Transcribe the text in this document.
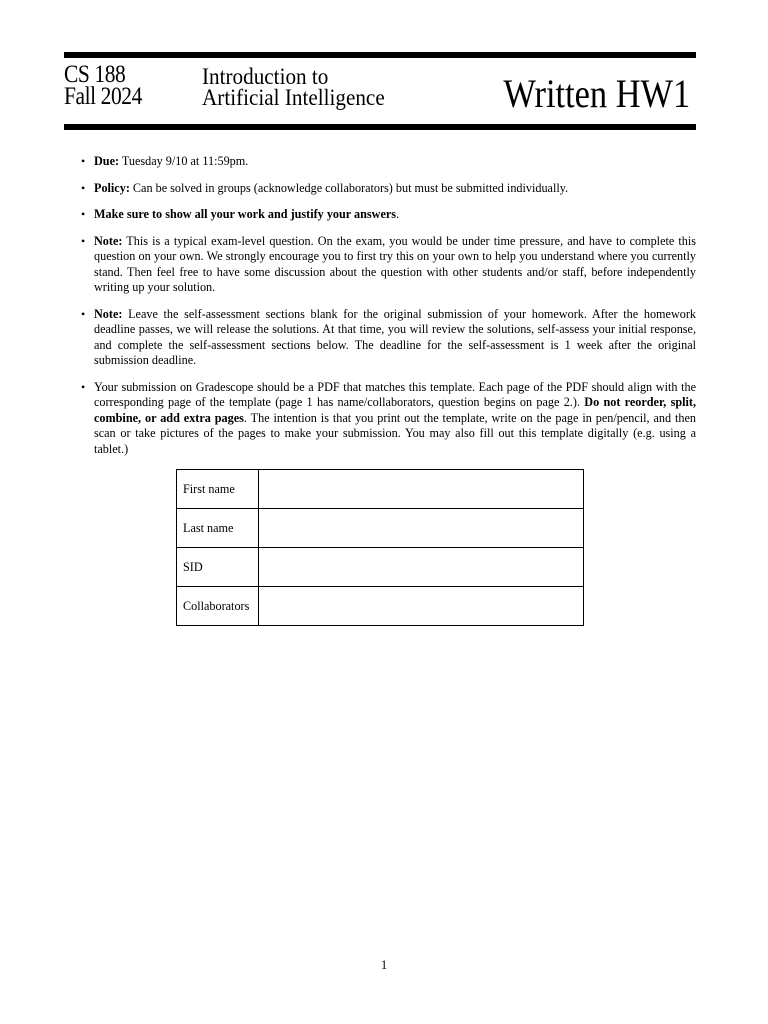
CS 188
Fall 2024
Introduction to
Artificial Intelligence	Written HW1
• Due: Tuesday 9/10 at 11:59pm.
• Policy: Can be solved in groups (acknowledge collaborators) but must be submitted individually.
• Make sure to show all your work and justify your answers.
• Note: This is a typical exam-level question. On the exam, you would be under time pressure, and have to complete this question on your own. We strongly encourage you to first try this on your own to help you understand where you currently stand. Then feel free to have some discussion about the question with other students and/or staff, before independently writing up your solution.
• Note: Leave the self-assessment sections blank for the original submission of your homework. After the homework deadline passes, we will release the solutions. At that time, you will review the solutions, self-assess your initial response, and complete the self-assessment sections below. The deadline for the self-assessment is 1 week after the original submission deadline.
• Your submission on Gradescope should be a PDF that matches this template. Each page of the PDF should align with the corresponding page of the template (page 1 has name/collaborators, question begins on page 2.). Do not reorder, split, combine, or add extra pages. The intention is that you print out the template, write on the page in pen/pencil, and then scan or take pictures of the pages to make your submission. You may also fill out this template digitally (e.g. using a tablet.)
First name	
Last name	
SID	
Collaborators	
1
